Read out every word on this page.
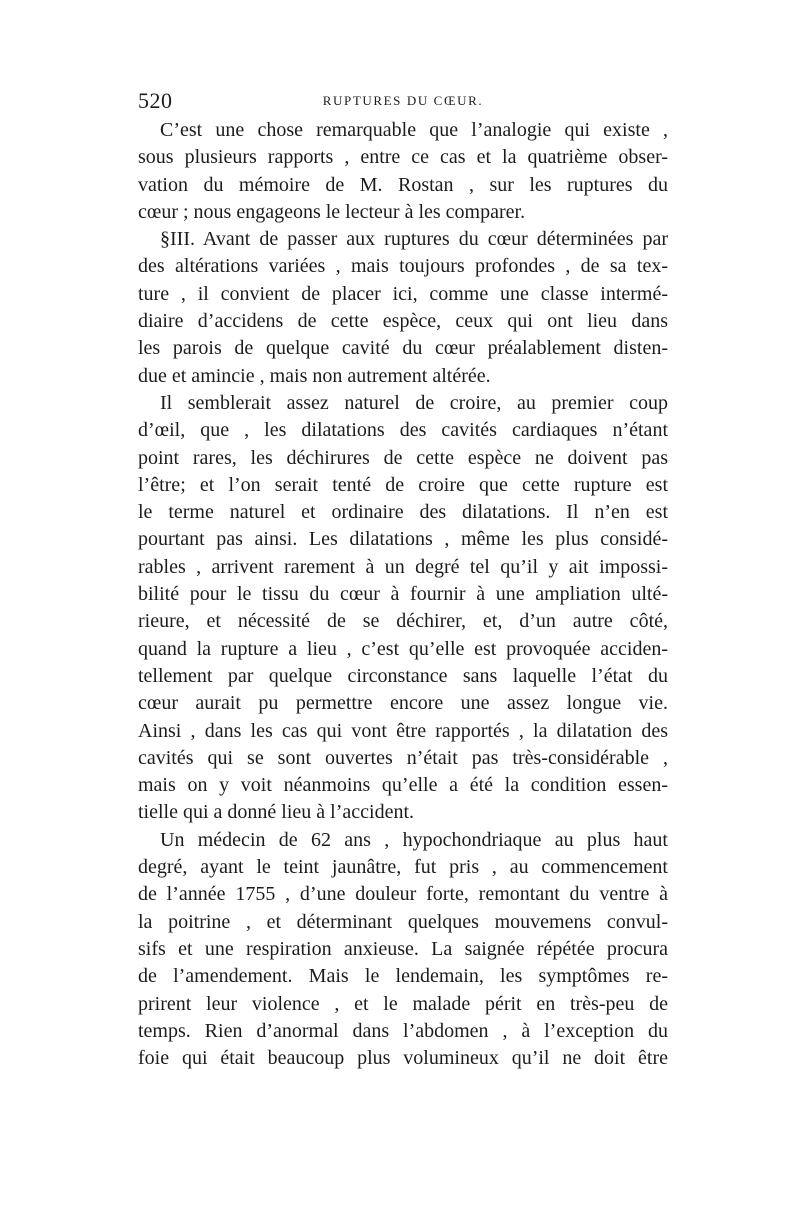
520	RUPTURES DU CŒUR.
C’est une chose remarquable que l’analogie qui existe ,
sous plusieurs rapports , entre ce cas et la quatrième obser-
vation du mémoire de M. Rostan , sur les ruptures du
cœur ; nous engageons le lecteur à les comparer.
§III. Avant de passer aux ruptures du cœur déterminées par
des altérations variées , mais toujours profondes , de sa tex-
ture , il convient de placer ici, comme une classe intermé-
diaire d’accidens de cette espèce, ceux qui ont lieu dans
les parois de quelque cavité du cœur préalablement disten-
due et amincie , mais non autrement altérée.
Il semblerait assez naturel de croire, au premier coup
d’œil, que , les dilatations des cavités cardiaques n’étant
point rares, les déchirures de cette espèce ne doivent pas
l’être; et l’on serait tenté de croire que cette rupture est
le terme naturel et ordinaire des dilatations. Il n’en est
pourtant pas ainsi. Les dilatations , même les plus considé-
rables , arrivent rarement à un degré tel qu’il y ait impossi-
bilité pour le tissu du cœur à fournir à une ampliation ulté-
rieure, et nécessité de se déchirer, et, d’un autre côté,
quand la rupture a lieu , c’est qu’elle est provoquée acciden-
tellement par quelque circonstance sans laquelle l’état du
cœur aurait pu permettre encore une assez longue vie.
Ainsi , dans les cas qui vont être rapportés , la dilatation des
cavités qui se sont ouvertes n’était pas très-considérable ,
mais on y voit néanmoins qu’elle a été la condition essen-
tielle qui a donné lieu à l’accident.
Un médecin de 62 ans , hypochondriaque au plus haut
degré, ayant le teint jaunâtre, fut pris , au commencement
de l’année 1755 , d’une douleur forte, remontant du ventre à
la poitrine , et déterminant quelques mouvemens convul-
sifs et une respiration anxieuse. La saignée répétée procura
de l’amendement. Mais le lendemain, les symptômes re-
prirent leur violence , et le malade périt en très-peu de
temps. Rien d’anormal dans l’abdomen , à l’exception du
foie qui était beaucoup plus volumineux qu’il ne doit être
